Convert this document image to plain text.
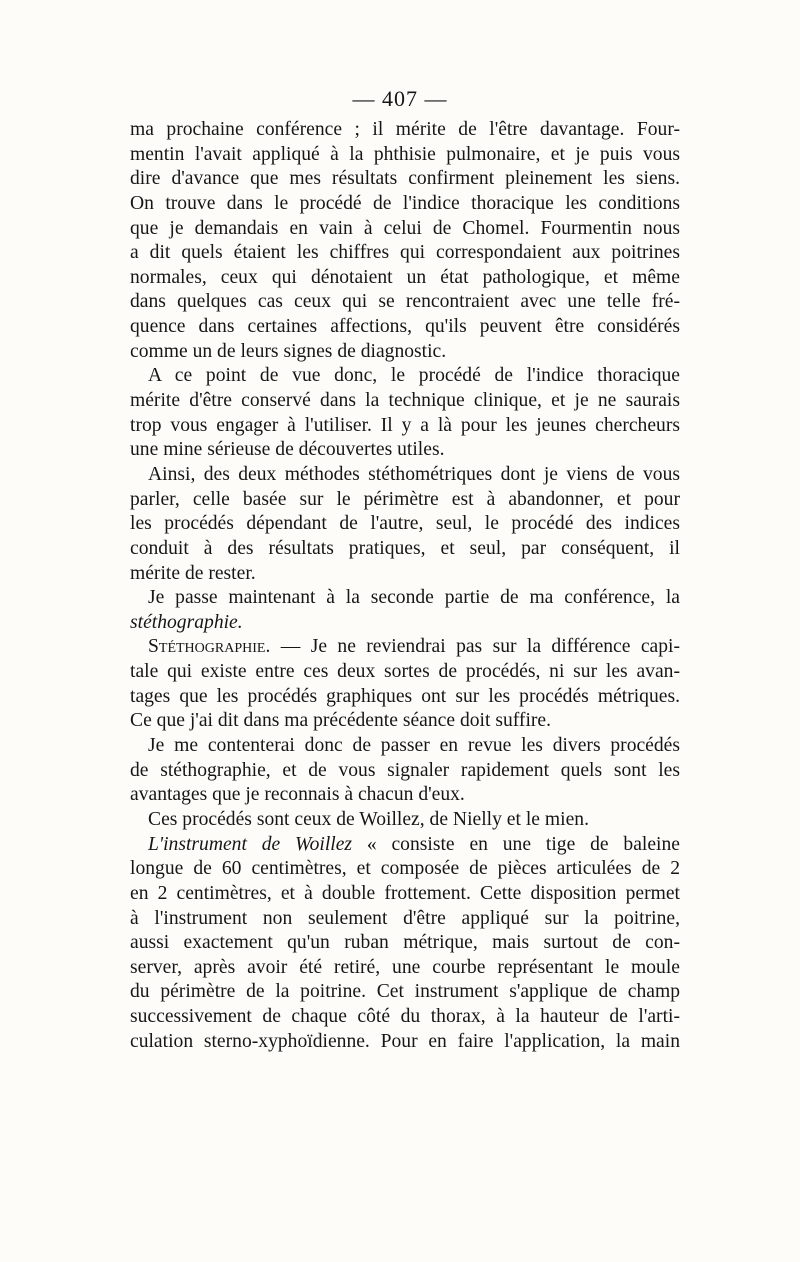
— 407 —
ma prochaine conférence ; il mérite de l'être davantage. Four-
mentin l'avait appliqué à la phthisie pulmonaire, et je puis vous
dire d'avance que mes résultats confirment pleinement les siens.
On trouve dans le procédé de l'indice thoracique les conditions
que je demandais en vain à celui de Chomel. Fourmentin nous
a dit quels étaient les chiffres qui correspondaient aux poitrines
normales, ceux qui dénotaient un état pathologique, et même
dans quelques cas ceux qui se rencontraient avec une telle fré-
quence dans certaines affections, qu'ils peuvent être considérés
comme un de leurs signes de diagnostic.
A ce point de vue donc, le procédé de l'indice thoracique
mérite d'être conservé dans la technique clinique, et je ne saurais
trop vous engager à l'utiliser. Il y a là pour les jeunes chercheurs
une mine sérieuse de découvertes utiles.
Ainsi, des deux méthodes stéthométriques dont je viens de vous
parler, celle basée sur le périmètre est à abandonner, et pour
les procédés dépendant de l'autre, seul, le procédé des indices
conduit à des résultats pratiques, et seul, par conséquent, il
mérite de rester.
Je passe maintenant à la seconde partie de ma conférence, la
stéthographie.
Stéthographie. — Je ne reviendrai pas sur la différence capi-
tale qui existe entre ces deux sortes de procédés, ni sur les avan-
tages que les procédés graphiques ont sur les procédés métriques.
Ce que j'ai dit dans ma précédente séance doit suffire.
Je me contenterai donc de passer en revue les divers procédés
de stéthographie, et de vous signaler rapidement quels sont les
avantages que je reconnais à chacun d'eux.
Ces procédés sont ceux de Woillez, de Nielly et le mien.
L'instrument de Woillez « consiste en une tige de baleine
longue de 60 centimètres, et composée de pièces articulées de 2
en 2 centimètres, et à double frottement. Cette disposition permet
à l'instrument non seulement d'être appliqué sur la poitrine,
aussi exactement qu'un ruban métrique, mais surtout de con-
server, après avoir été retiré, une courbe représentant le moule
du périmètre de la poitrine. Cet instrument s'applique de champ
successivement de chaque côté du thorax, à la hauteur de l'arti-
culation sterno-xyphoïdienne. Pour en faire l'application, la main
